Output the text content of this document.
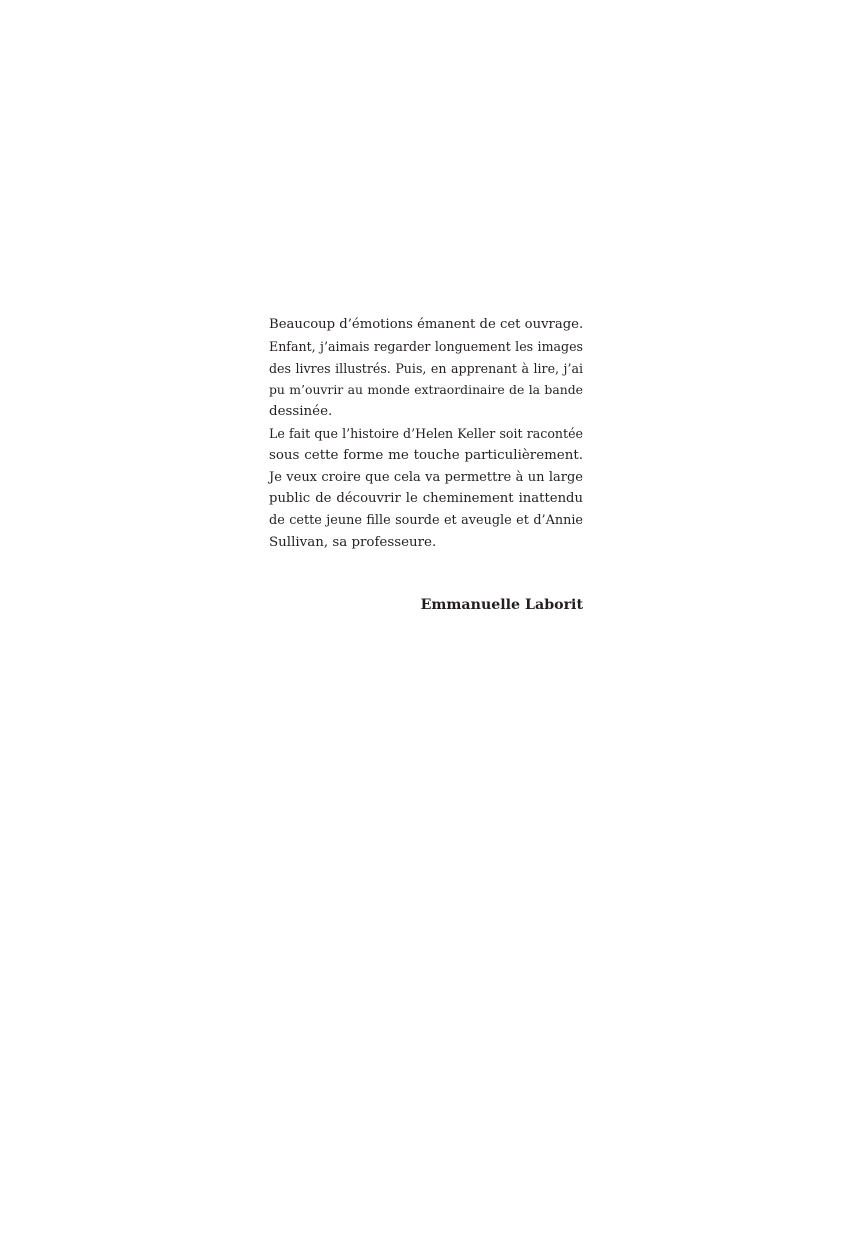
Beaucoup d’émotions émanent de cet ouvrage.
Enfant, j’aimais regarder longuement les images
des livres illustrés. Puis, en apprenant à lire, j’ai
pu m’ouvrir au monde extraordinaire de la bande
dessinée.
Le fait que l’histoire d’Helen Keller soit racontée
sous cette forme me touche particulièrement.
Je veux croire que cela va permettre à un large
public de découvrir le cheminement inattendu
de cette jeune fille sourde et aveugle et d’Annie
Sullivan, sa professeure.
Emmanuelle Laborit
